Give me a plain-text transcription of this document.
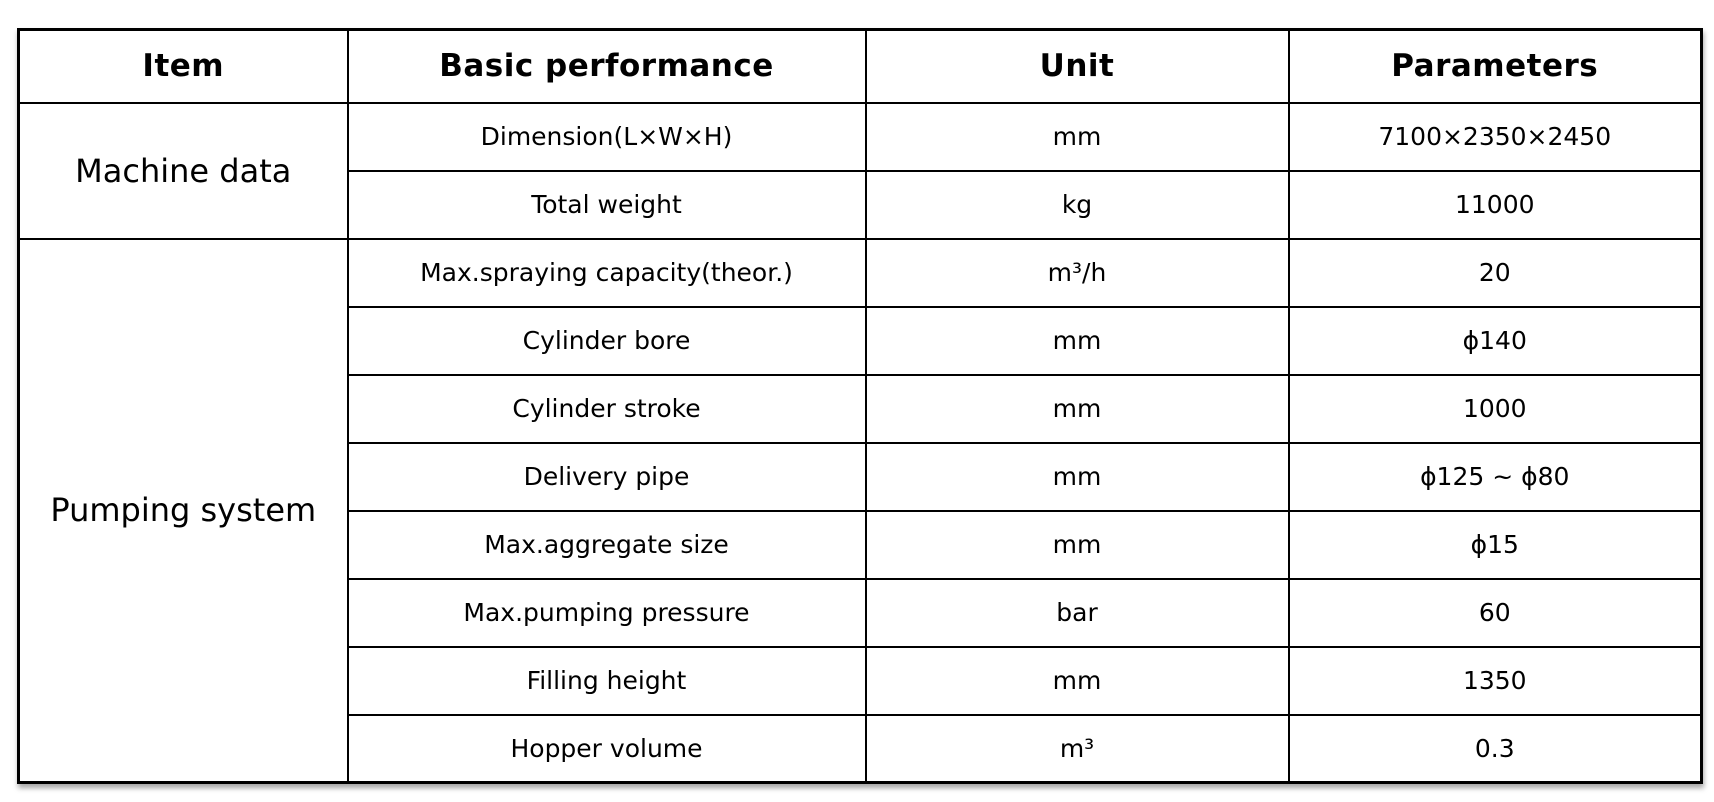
Item	Basic performance	Unit	Parameters
Machine data	Dimension(L×W×H)	mm	7100×2350×2450
	Total weight	kg	11000
Pumping system	Max.spraying capacity(theor.)	m³/h	20
	Cylinder bore	mm	ϕ140
	Cylinder stroke	mm	1000
	Delivery pipe	mm	ϕ125 ~ ϕ80
	Max.aggregate size	mm	ϕ15
	Max.pumping pressure	bar	60
	Filling height	mm	1350
	Hopper volume	m³	0.3
